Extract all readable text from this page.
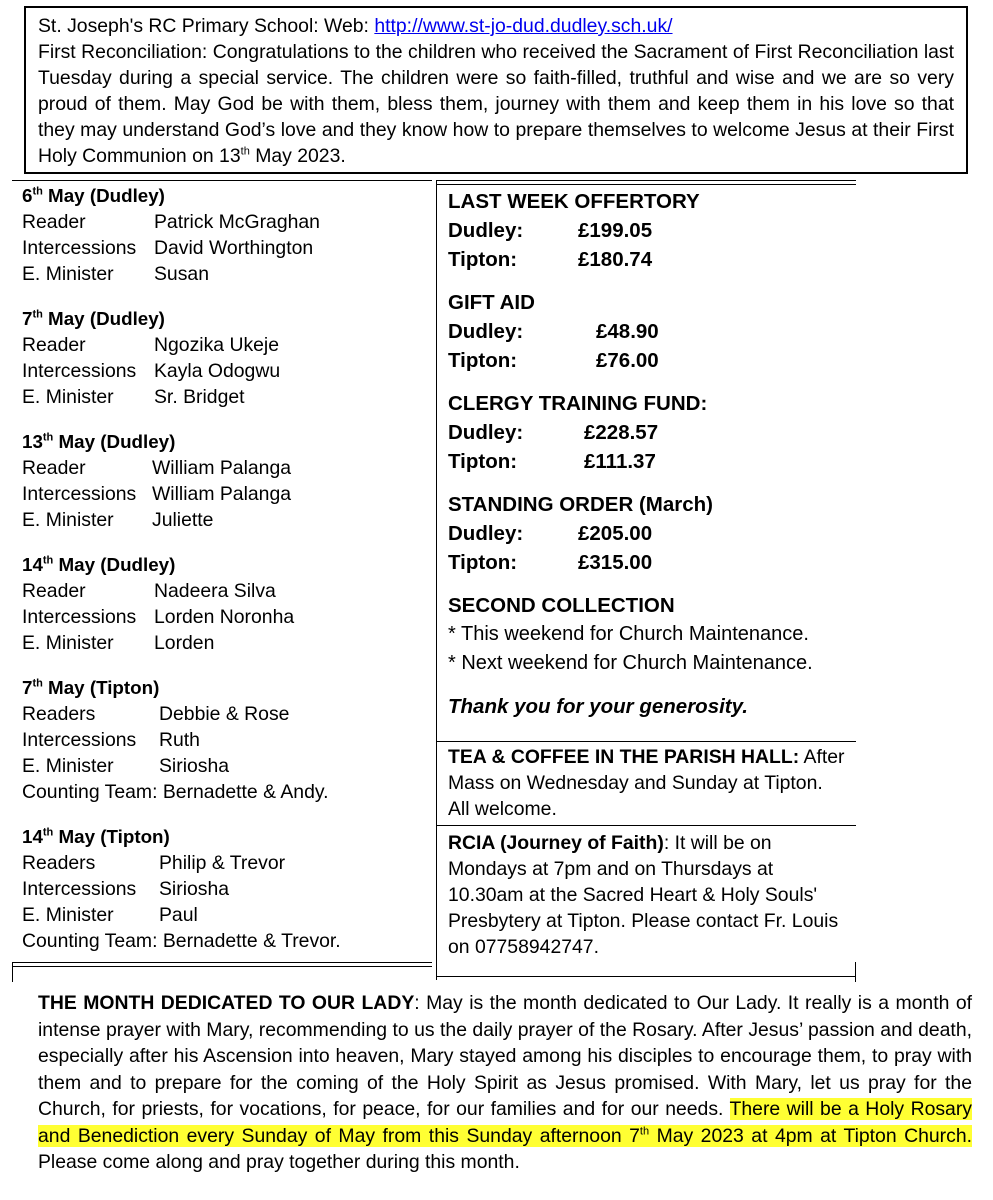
St. Joseph's RC Primary School: Web: http://www.st-jo-dud.dudley.sch.uk/

First Reconciliation: Congratulations to the children who received the Sacrament of First Reconciliation last Tuesday during a special service. The children were so faith-filled, truthful and wise and we are so very proud of them. May God be with them, bless them, journey with them and keep them in his love so that they may understand God’s love and they know how to prepare themselves to welcome Jesus at their First Holy Communion on 13th May 2023.

6th May (Dudley)
Reader	Patrick McGraghan
Intercessions David Worthington
E. Minister	Susan
7th May (Dudley)
Reader	Ngozika Ukeje
Intercessions Kayla Odogwu
E. Minister	Sr. Bridget
13th May (Dudley)
Reader	William Palanga
Intercessions William Palanga
E. Minister	Juliette
14th May (Dudley)
Reader	Nadeera Silva
Intercessions Lorden Noronha
E. Minister	Lorden
7th May (Tipton)
Readers	Debbie & Rose
Intercessions	Ruth
E. Minister	Siriosha
Counting Team: Bernadette & Andy.
14th May (Tipton)
Readers	Philip & Trevor
Intercessions	Siriosha
E. Minister	Paul
Counting Team: Bernadette & Trevor.
LAST WEEK OFFERTORY
Dudley:	£199.05
Tipton:	£180.74
GIFT AID
Dudley:	£48.90
Tipton:	£76.00
CLERGY TRAINING FUND:
Dudley:	£228.57
Tipton:	£111.37
STANDING ORDER (March)
Dudley:	£205.00
Tipton:	£315.00
SECOND COLLECTION
* This weekend for Church Maintenance.
* Next weekend for Church Maintenance.
Thank you for your generosity.
TEA & COFFEE IN THE PARISH HALL: After Mass on Wednesday and Sunday at Tipton. All welcome.
RCIA (Journey of Faith): It will be on Mondays at 7pm and on Thursdays at 10.30am at the Sacred Heart & Holy Souls' Presbytery at Tipton. Please contact Fr. Louis on 07758942747.
THE MONTH DEDICATED TO OUR LADY: May is the month dedicated to Our Lady. It really is a month of intense prayer with Mary, recommending to us the daily prayer of the Rosary. After Jesus’ passion and death, especially after his Ascension into heaven, Mary stayed among his disciples to encourage them, to pray with them and to prepare for the coming of the Holy Spirit as Jesus promised. With Mary, let us pray for the Church, for priests, for vocations, for peace, for our families and for our needs. There will be a Holy Rosary and Benediction every Sunday of May from this Sunday afternoon 7th May 2023 at 4pm at Tipton Church. Please come along and pray together during this month.
